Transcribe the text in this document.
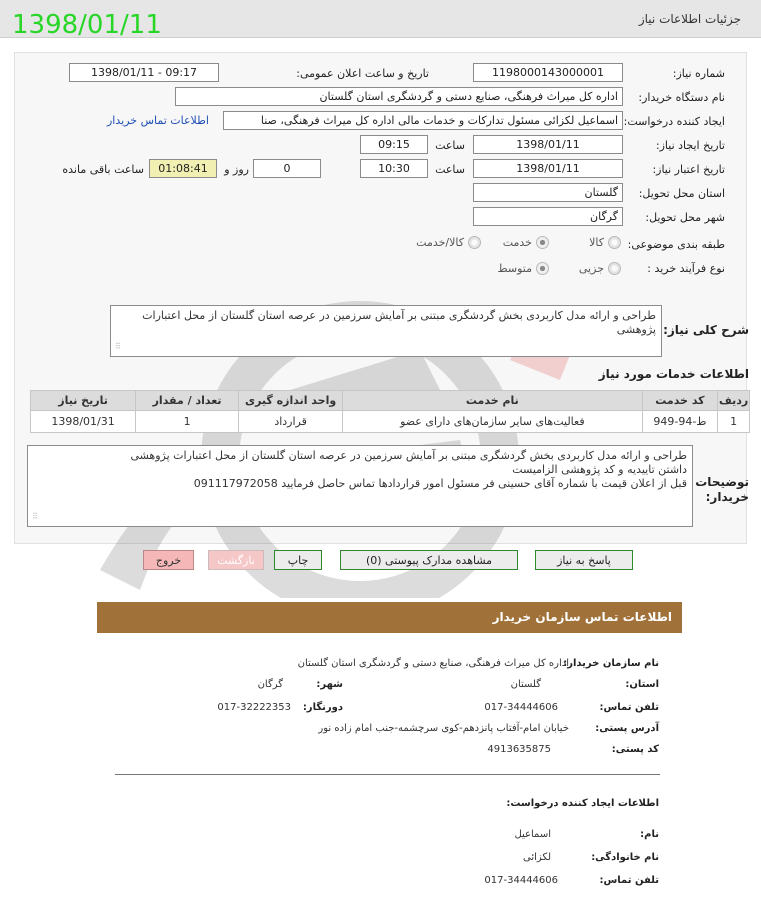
جزئیات اطلاعات نیاز
1398/01/11
شماره نیاز:
1198000143000001
تاریخ و ساعت اعلان عمومی:
1398/01/11 - 09:17
نام دستگاه خریدار:
اداره کل میراث فرهنگی، صنایع دستی و گردشگری استان گلستان
ایجاد کننده درخواست:
اسماعیل لکزائی مسئول تدارکات و خدمات مالی اداره کل میراث فرهنگی، صنا
اطلاعات تماس خریدار
تاریخ ایجاد نیاز:
1398/01/11
ساعت
09:15
تاریخ اعتبار نیاز:
1398/01/11
ساعت
10:30
0
روز و
01:08:41
ساعت باقی مانده
استان محل تحویل:
گلستان
شهر محل تحویل:
گرگان
طبقه بندی موضوعی:
کالا
خدمت
کالا/خدمت
نوع فرآیند خرید :
جزیی
متوسط
شرح کلی نیاز:
طراحی و ارائه مدل کاربردی بخش گردشگری مبتنی بر آمایش سرزمین در عرصه استان گلستان از محل اعتبارات پژوهشی
⠿
اطلاعات خدمات مورد نیاز
ردیف	کد خدمت	نام خدمت	واحد اندازه گیری	تعداد / مقدار	تاریخ نیاز
1	ط-94-949	فعالیت‌های سایر سازمان‌های دارای عضو	قرارداد	1	1398/01/31
توضیحات خریدار:
طراحی و ارائه مدل کاربردی بخش گردشگری مبتنی بر آمایش سرزمین در عرصه استان گلستان از محل اعتبارات پژوهشی
داشتن تاییدیه و کد پژوهشی الزامیست
قبل از اعلان قیمت با شماره 09111797205‪8 آقای حسینی فر مسئول امور قراردادها تماس حاصل فرمایید
⠿
پاسخ به نیاز
مشاهده مدارک پیوستی (0)
چاپ
بازگشت
خروج
اطلاعات تماس سازمان خریدار
نام سازمان خریدار:
اداره کل میراث فرهنگی، صنایع دستی و گردشگری استان گلستان
استان:
گلستان
شهر:
گرگان
تلفن تماس:
017-34444606
دورنگار:
017-32222353
آدرس پستی:
خیابان امام-آفتاب پانزدهم-کوی سرچشمه-جنب امام زاده نور
کد پستی:
4913635875
اطلاعات ایجاد کننده درخواست:
نام:
اسماعیل
نام خانوادگی:
لکزائی
تلفن تماس:
017-34444606
